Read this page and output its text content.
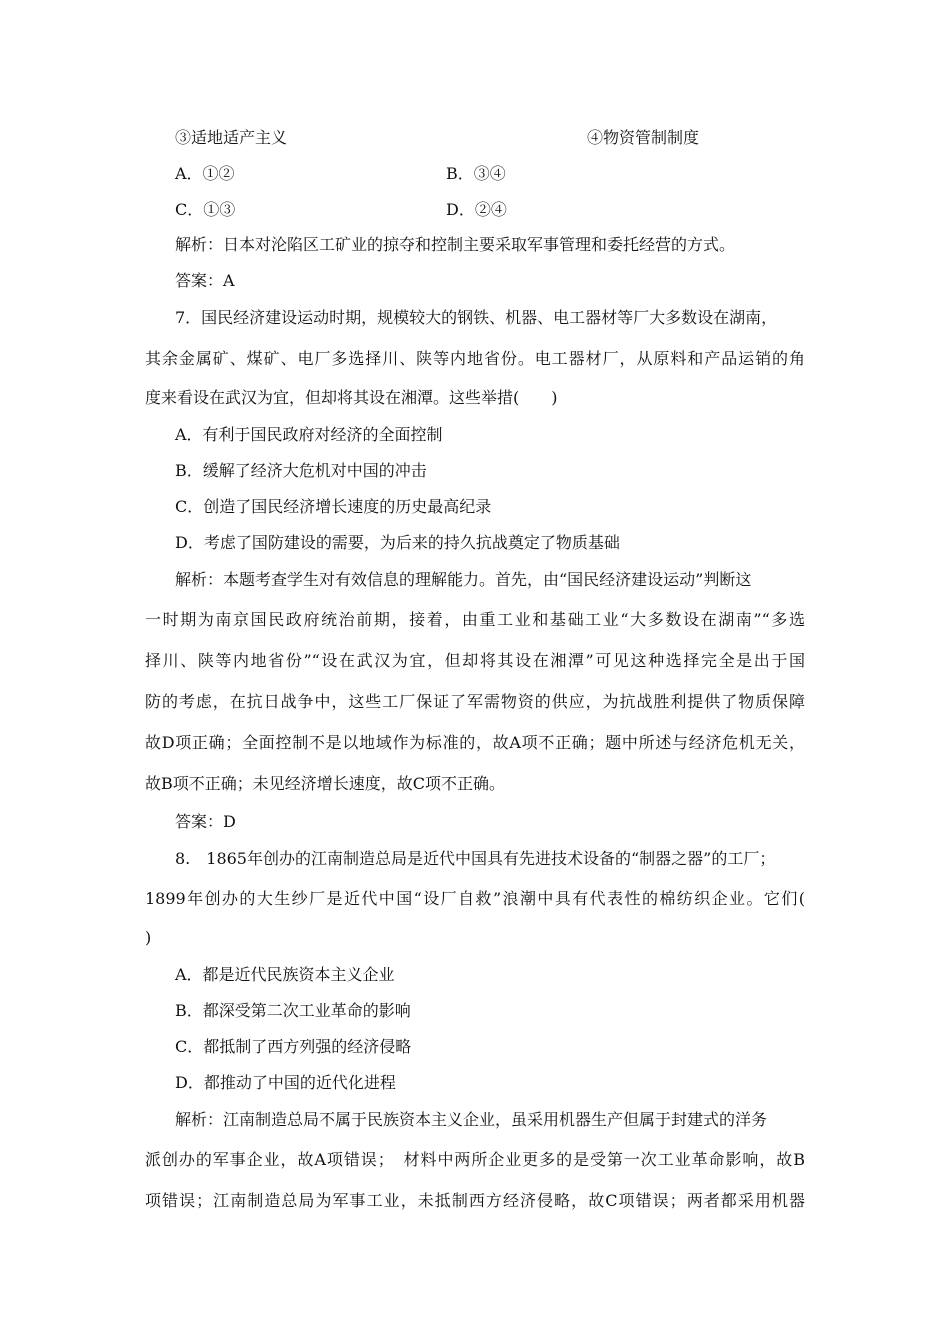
③适地适产主义	④物资管制制度
A．①②	B．③④
C．①③	D．②④
解析：日本对沦陷区工矿业的掠夺和控制主要采取军事管理和委托经营的方式。
答案：A
7．国民经济建设运动时期，规模较大的钢铁、机器、电工器材等厂大多数设在湖南，
其余金属矿、煤矿、电厂多选择川、陕等内地省份。电工器材厂，从原料和产品运销的角
度来看设在武汉为宜，但却将其设在湘潭。这些举措(　　)
A．有利于国民政府对经济的全面控制
B．缓解了经济大危机对中国的冲击
C．创造了国民经济增长速度的历史最高纪录
D．考虑了国防建设的需要，为后来的持久抗战奠定了物质基础
解析：本题考查学生对有效信息的理解能力。首先，由“国民经济建设运动”判断这
一时期为南京国民政府统治前期，接着，由重工业和基础工业“大多数设在湖南”“多选
择川、陕等内地省份”“设在武汉为宜，但却将其设在湘潭”可见这种选择完全是出于国
防的考虑，在抗日战争中，这些工厂保证了军需物资的供应，为抗战胜利提供了物质保障
故D项正确；全面控制不是以地域作为标准的，故A项不正确；题中所述与经济危机无关，
故B项不正确；未见经济增长速度，故C项不正确。
答案：D
8.　1865年创办的江南制造总局是近代中国具有先进技术设备的“制器之器”的工厂；
1899年创办的大生纱厂是近代中国“设厂自救”浪潮中具有代表性的棉纺织企业。它们(
)
A．都是近代民族资本主义企业
B．都深受第二次工业革命的影响
C．都抵制了西方列强的经济侵略
D．都推动了中国的近代化进程
解析：江南制造总局不属于民族资本主义企业，虽采用机器生产但属于封建式的洋务
派创办的军事企业，故A项错误；　材料中两所企业更多的是受第一次工业革命影响，故B
项错误；江南制造总局为军事工业，未抵制西方经济侵略，故C项错误；两者都采用机器
